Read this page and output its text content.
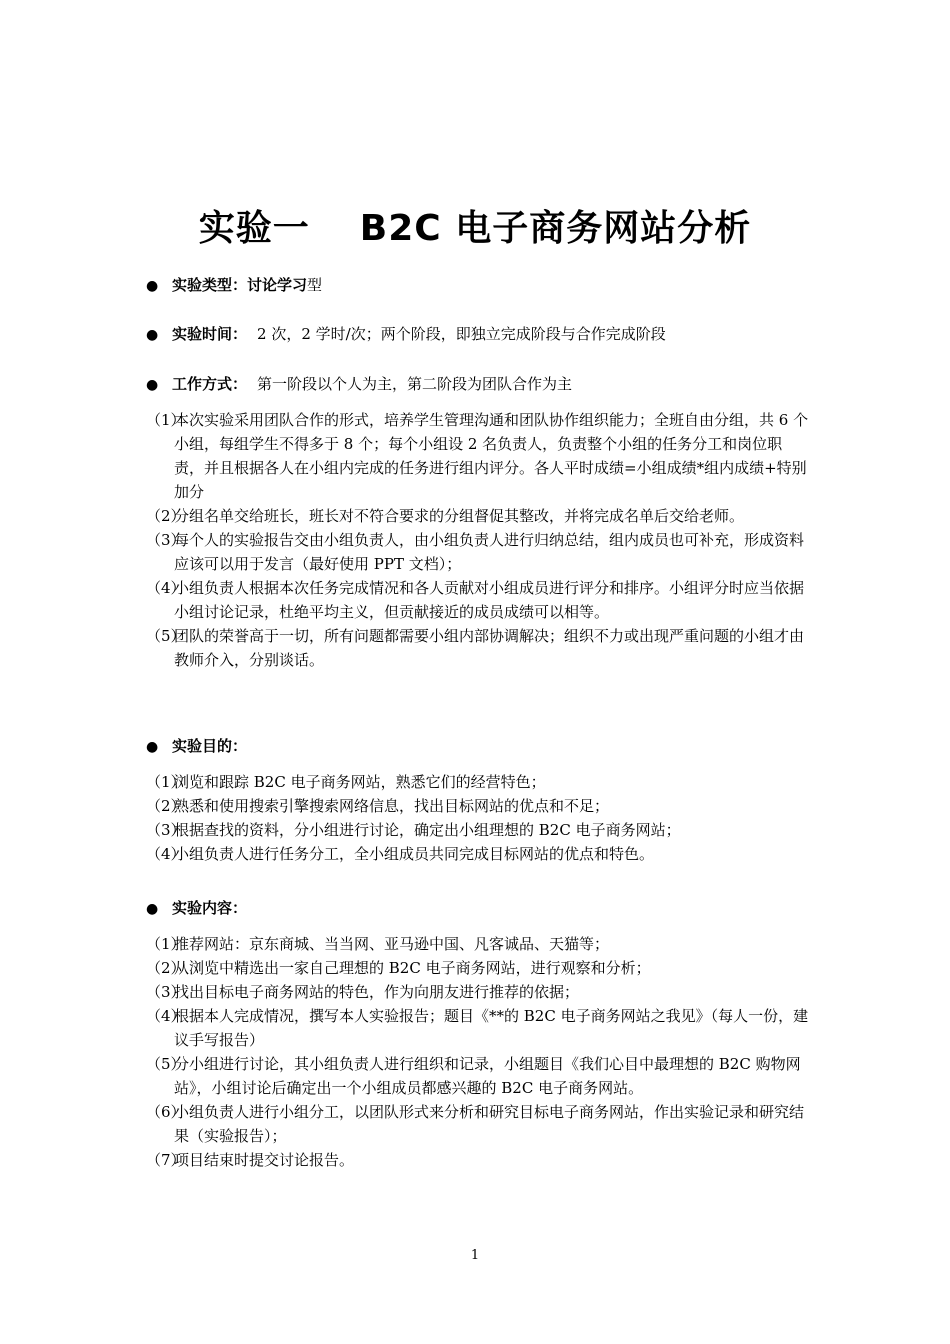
实验一 B2C 电子商务网站分析
● 实验类型：讨论学习型
● 实验时间： 2 次，2 学时/次；两个阶段，即独立完成阶段与合作完成阶段
● 工作方式： 第一阶段以个人为主，第二阶段为团队合作为主
（1）
本次实验采用团队合作的形式，培养学生管理沟通和团队协作组织能力；全班自由分组，共 6 个小组，每组学生不得多于 8 个；每个小组设 2 名负责人，负责整个小组的任务分工和岗位职责，并且根据各人在小组内完成的任务进行组内评分。各人平时成绩=小组成绩*组内成绩+特别加分
（2）
分组名单交给班长，班长对不符合要求的分组督促其整改，并将完成名单后交给老师。
（3）
每个人的实验报告交由小组负责人，由小组负责人进行归纳总结，组内成员也可补充，形成资料应该可以用于发言（最好使用 PPT 文档）；
（4）
小组负责人根据本次任务完成情况和各人贡献对小组成员进行评分和排序。小组评分时应当依据小组讨论记录，杜绝平均主义，但贡献接近的成员成绩可以相等。
（5）
团队的荣誉高于一切，所有问题都需要小组内部协调解决；组织不力或出现严重问题的小组才由教师介入，分别谈话。
● 实验目的：
（1）
浏览和跟踪 B2C 电子商务网站，熟悉它们的经营特色；
（2）
熟悉和使用搜索引擎搜索网络信息，找出目标网站的优点和不足；
（3）
根据查找的资料，分小组进行讨论，确定出小组理想的 B2C 电子商务网站；
（4）
小组负责人进行任务分工，全小组成员共同完成目标网站的优点和特色。
● 实验内容：
（1）
推荐网站：京东商城、当当网、亚马逊中国、凡客诚品、天猫等；
（2）
从浏览中精选出一家自己理想的 B2C 电子商务网站，进行观察和分析；
（3）
找出目标电子商务网站的特色，作为向朋友进行推荐的依据；
（4）
根据本人完成情况，撰写本人实验报告；题目《**的 B2C 电子商务网站之我见》（每人一份，建议手写报告）
（5）
分小组进行讨论，其小组负责人进行组织和记录，小组题目《我们心目中最理想的 B2C 购物网站》，小组讨论后确定出一个小组成员都感兴趣的 B2C 电子商务网站。
（6）
小组负责人进行小组分工，以团队形式来分析和研究目标电子商务网站，作出实验记录和研究结果（实验报告）；
（7）
项目结束时提交讨论报告。
1
